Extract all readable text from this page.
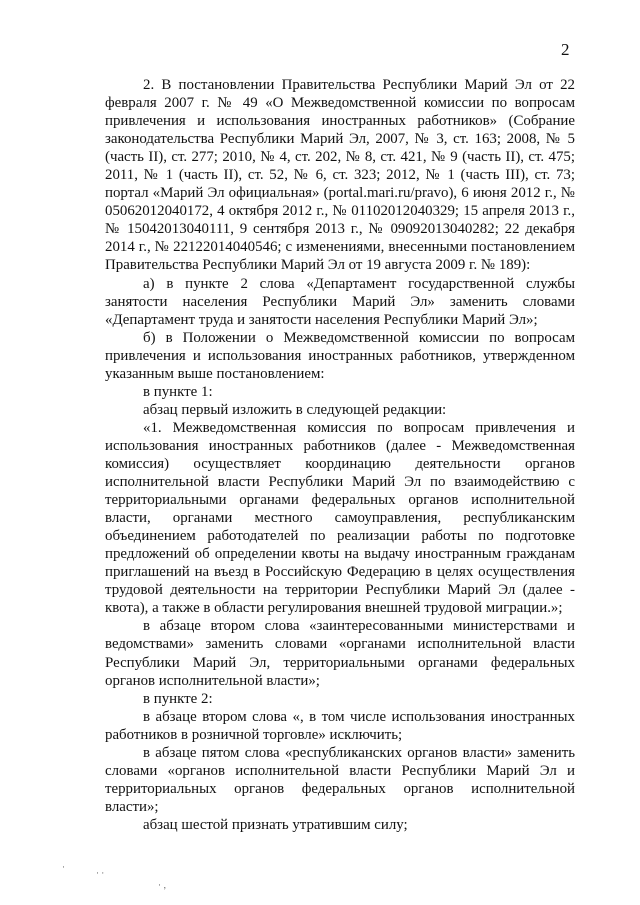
2

2. В постановлении Правительства Республики Марий Эл от 22 февраля 2007 г. № 49 «О Межведомственной комиссии по вопросам привлечения и использования иностранных работников» (Собрание законодательства Республики Марий Эл, 2007, № 3, ст. 163; 2008, № 5 (часть II), ст. 277; 2010, № 4, ст. 202, № 8, ст. 421, № 9 (часть II), ст. 475; 2011, № 1 (часть II), ст. 52, № 6, ст. 323; 2012, № 1 (часть III), ст. 73; портал «Марий Эл официальная» (portal.mari.ru/pravo), 6 июня 2012 г., № 05062012040172, 4 октября 2012 г., № 01102012040329; 15 апреля 2013 г., № 15042013040111, 9 сентября 2013 г., № 09092013040282; 22 декабря 2014 г., № 22122014040546; с изменениями, внесенными постановлением Правительства Республики Марий Эл от 19 августа 2009 г. № 189):

а) в пункте 2 слова «Департамент государственной службы занятости населения Республики Марий Эл» заменить словами «Департамент труда и занятости населения Республики Марий Эл»;

б) в Положении о Межведомственной комиссии по вопросам привлечения и использования иностранных работников, утвержденном указанным выше постановлением:

в пункте 1:

абзац первый изложить в следующей редакции:

«1. Межведомственная комиссия по вопросам привлечения и использования иностранных работников (далее - Межведомственная комиссия) осуществляет координацию деятельности органов исполнительной власти Республики Марий Эл по взаимодействию с территориальными органами федеральных органов исполнительной власти, органами местного самоуправления, республиканским объединением работодателей по реализации работы по подготовке предложений об определении квоты на выдачу иностранным гражданам приглашений на въезд в Российскую Федерацию в целях осуществления трудовой деятельности на территории Республики Марий Эл (далее - квота), а также в области регулирования внешней трудовой миграции.»;

в абзаце втором слова «заинтересованными министерствами и ведомствами» заменить словами «органами исполнительной власти Республики Марий Эл, территориальными органами федеральных органов исполнительной власти»;

в пункте 2:

в абзаце втором слова «, в том числе использования иностранных работников в розничной торговле» исключить;

в абзаце пятом слова «республиканских органов власти» заменить словами «органов исполнительной власти Республики Марий Эл и территориальных органов федеральных органов исполнительной власти»;

абзац шестой признать утратившим силу;

·
· ·
· ‚
